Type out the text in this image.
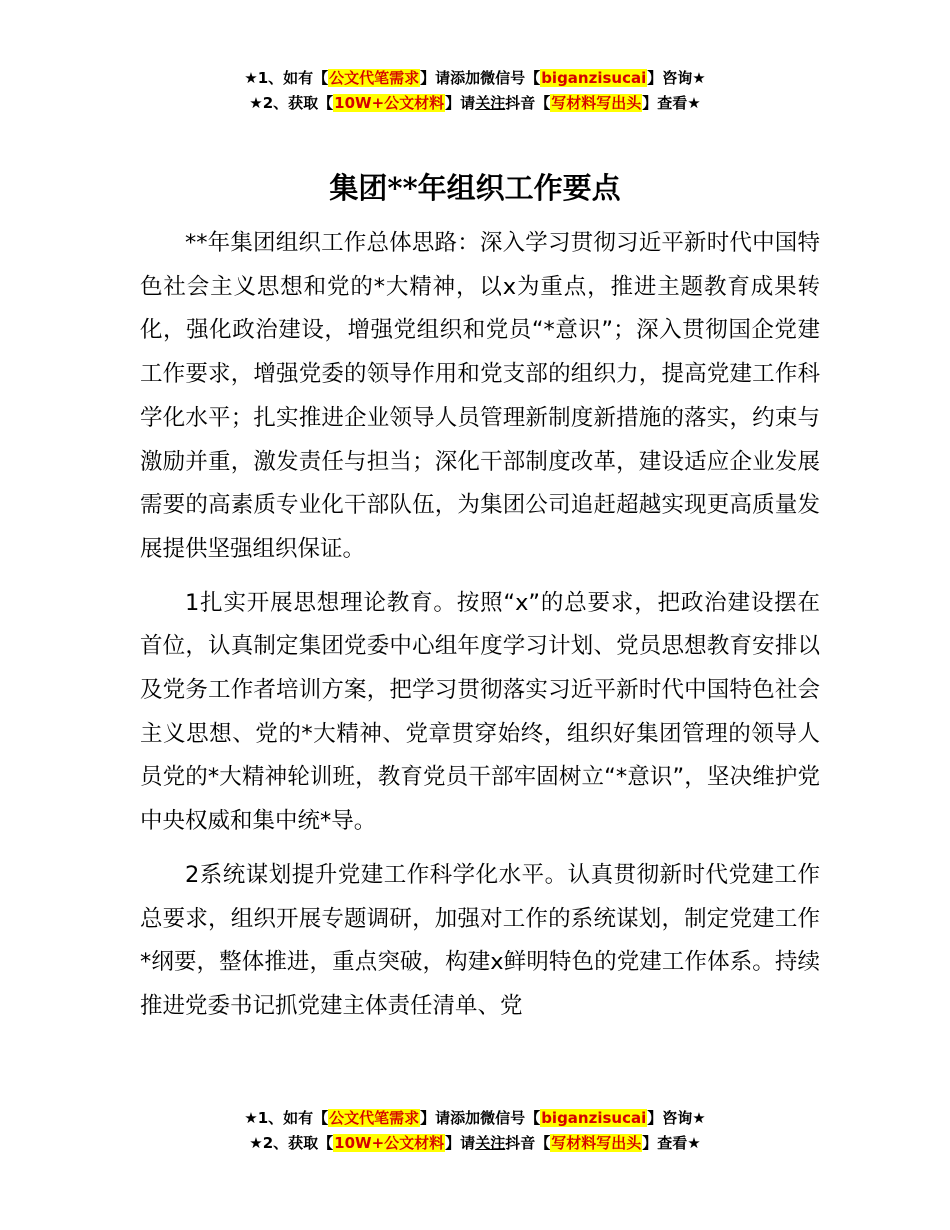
★1、如有【公文代笔需求】请添加微信号【biganzisucai】咨询★
★2、获取【10W+公文材料】请关注抖音【写材料写出头】查看★
集团**年组织工作要点

**年集团组织工作总体思路：深入学习贯彻习近平新时代中国特色社会主义思想和党的*大精神，以x为重点，推进主题教育成果转化，强化政治建设，增强党组织和党员“*意识”；深入贯彻国企党建工作要求，增强党委的领导作用和党支部的组织力，提高党建工作科学化水平；扎实推进企业领导人员管理新制度新措施的落实，约束与激励并重，激发责任与担当；深化干部制度改革，建设适应企业发展需要的高素质专业化干部队伍，为集团公司追赶超越实现更高质量发展提供坚强组织保证。

1扎实开展思想理论教育。按照“x”的总要求，把政治建设摆在首位，认真制定集团党委中心组年度学习计划、党员思想教育安排以及党务工作者培训方案，把学习贯彻落实习近平新时代中国特色社会主义思想、党的*大精神、党章贯穿始终，组织好集团管理的领导人员党的*大精神轮训班，教育党员干部牢固树立“*意识”，坚决维护党中央权威和集中统*导。

2系统谋划提升党建工作科学化水平。认真贯彻新时代党建工作总要求，组织开展专题调研，加强对工作的系统谋划，制定党建工作*纲要，整体推进，重点突破，构建x鲜明特色的党建工作体系。持续推进党委书记抓党建主体责任清单、党

★1、如有【公文代笔需求】请添加微信号【biganzisucai】咨询★
★2、获取【10W+公文材料】请关注抖音【写材料写出头】查看★
